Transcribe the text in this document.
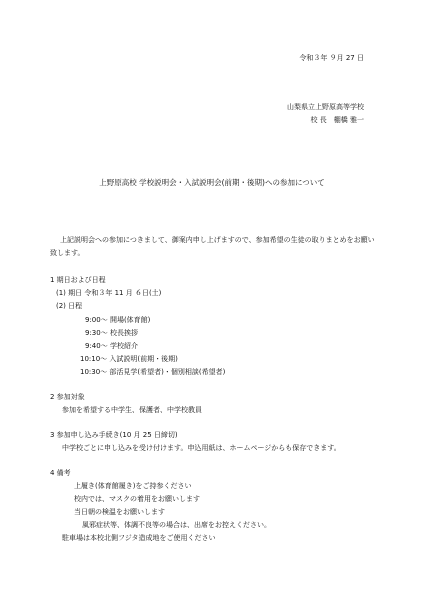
令和３年 ９月 27 日
山梨県立上野原高等学校
校 長　棚橋 雅一
上野原高校 学校説明会・入試説明会(前期・後期)への参加について
上記説明会への参加につきまして、御案内申し上げますので、参加希望の生徒の取りまとめをお願い
致します。
1 期日および日程
(1) 期日 令和３年 11 月 ６日(土)
(2) 日程
9:00～ 開場(体育館)
9:30～ 校長挨拶
9:40～ 学校紹介
10:10～ 入試説明(前期・後期)
10:30～ 部活見学(希望者)・個別相談(希望者)
2 参加対象
参加を希望する中学生、保護者、中学校教員
3 参加申し込み手続き(10 月 25 日締切)
中学校ごとに申し込みを受け付けます。申込用紙は、ホームページからも保存できます。
4 備考
上履き(体育館履き)をご持参ください
校内では、マスクの着用をお願いします
当日朝の検温をお願いします
風邪症状等、体調不良等の場合は、出席をお控えください。
駐車場は本校北側フジタ造成地をご使用ください
